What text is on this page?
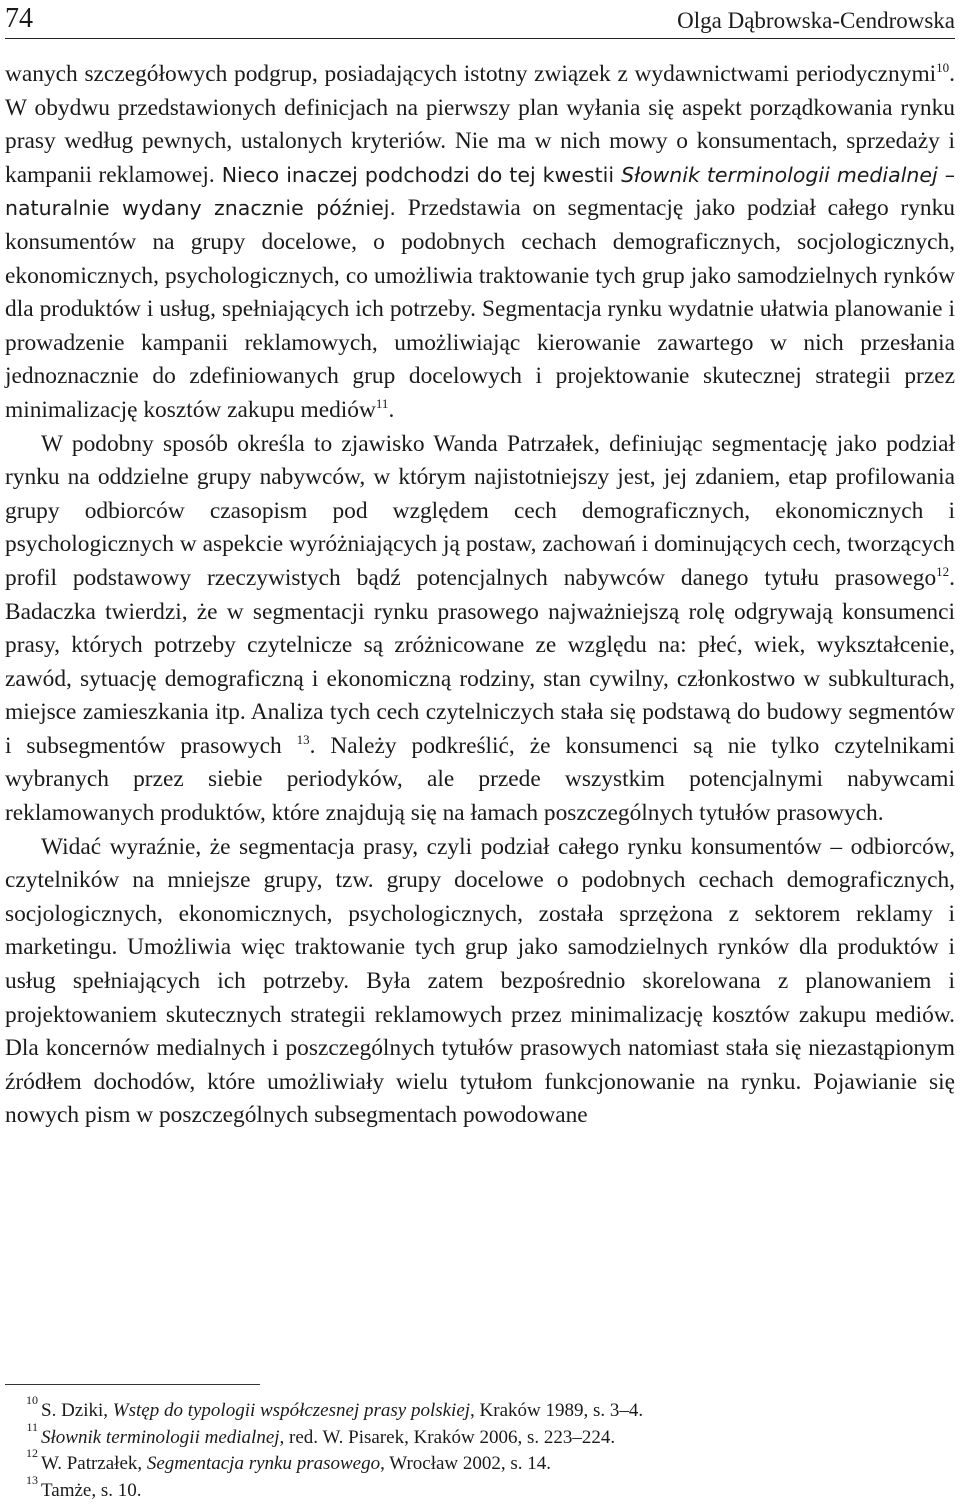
74	Olga Dąbrowska-Cendrowska

wanych szczegółowych podgrup, posiadających istotny związek z wydawnictwami periodycznymi$^{10}$. W obydwu przedstawionych definicjach na pierwszy plan wyłania się aspekt porządkowania rynku prasy według pewnych, ustalonych kryteriów. Nie ma w nich mowy o konsumentach, sprzedaży i kampanii reklamowej. Nieco inaczej podchodzi do tej kwestii Słownik terminologii medialnej – naturalnie wydany znacznie później. Przedstawia on segmentację jako podział całego rynku konsumentów na grupy docelowe, o podobnych cechach demograficznych, socjologicznych, ekonomicznych, psychologicznych, co umożliwia traktowanie tych grup jako samodzielnych rynków dla produktów i usług, spełniających ich potrzeby. Segmentacja rynku wydatnie ułatwia planowanie i prowadzenie kampanii reklamowych, umożliwiając kierowanie zawartego w nich przesłania jednoznacznie do zdefiniowanych grup docelowych i projektowanie skutecznej strategii przez minimalizację kosztów zakupu mediów$^{11}$.

W podobny sposób określa to zjawisko Wanda Patrzałek, definiując segmentację jako podział rynku na oddzielne grupy nabywców, w którym najistotniejszy jest, jej zdaniem, etap profilowania grupy odbiorców czasopism pod względem cech demograficznych, ekonomicznych i psychologicznych w aspekcie wyróżniających ją postaw, zachowań i dominujących cech, tworzących profil podstawowy rzeczywistych bądź potencjalnych nabywców danego tytułu prasowego$^{12}$. Badaczka twierdzi, że w segmentacji rynku prasowego najważniejszą rolę odgrywają konsumenci prasy, których potrzeby czytelnicze są zróżnicowane ze względu na: płeć, wiek, wykształcenie, zawód, sytuację demograficzną i ekonomiczną rodziny, stan cywilny, członkostwo w subkulturach, miejsce zamieszkania itp. Analiza tych cech czytelniczych stała się podstawą do budowy segmentów i subsegmentów prasowych $^{13}$. Należy podkreślić, że konsumenci są nie tylko czytelnikami wybranych przez siebie periodyków, ale przede wszystkim potencjalnymi nabywcami reklamowanych produktów, które znajdują się na łamach poszczególnych tytułów prasowych.

Widać wyraźnie, że segmentacja prasy, czyli podział całego rynku konsumentów – odbiorców, czytelników na mniejsze grupy, tzw. grupy docelowe o podobnych cechach demograficznych, socjologicznych, ekonomicznych, psychologicznych, została sprzężona z sektorem reklamy i marketingu. Umożliwia więc traktowanie tych grup jako samodzielnych rynków dla produktów i usług spełniających ich potrzeby. Była zatem bezpośrednio skorelowana z planowaniem i projektowaniem skutecznych strategii reklamowych przez minimalizację kosztów zakupu mediów. Dla koncernów medialnych i poszczególnych tytułów prasowych natomiast stała się niezastąpionym źródłem dochodów, które umożliwiały wielu tytułom funkcjonowanie na rynku. Pojawianie się nowych pism w poszczególnych subsegmentach powodowane

10 S. Dziki, Wstęp do typologii współczesnej prasy polskiej, Kraków 1989, s. 3–4.
11 Słownik terminologii medialnej, red. W. Pisarek, Kraków 2006, s. 223–224.
12 W. Patrzałek, Segmentacja rynku prasowego, Wrocław 2002, s. 14.
13 Tamże, s. 10.
